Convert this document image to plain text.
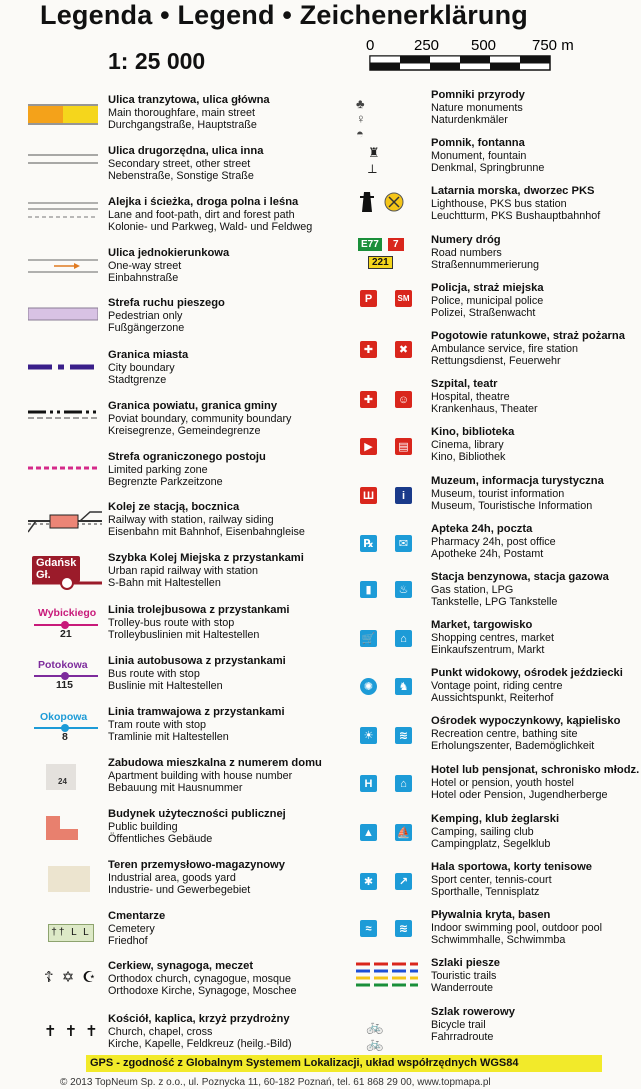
Legenda • Legend • Zeichenerklärung
1: 25 000
0	250 500 750 m
Gdańsk Gł.
Wybickiego
21
Potokowa
115
Okopowa
8
24
†† L L
☦✡☪
✝✝✝
Ulica tranzytowa, ulica główna
Main thoroughfare, main street
Durchgangstraße, Hauptstraße
Ulica drugorzędna, ulica inna
Secondary street, other street
Nebenstraße, Sonstige Straße
Alejka i ścieżka, droga polna i leśna
Lane and foot-path, dirt and forest path
Kolonie- und Parkweg, Wald- und Feldweg
Ulica jednokierunkowa
One-way street
Einbahnstraße
Strefa ruchu pieszego
Pedestrian only
Fußgängerzone
Granica miasta
City boundary
Stadtgrenze
Granica powiatu, granica gminy
Poviat boundary, community boundary
Kreisegrenze, Gemeindegrenze
Strefa ograniczonego postoju
Limited parking zone
Begrenzte Parkzeitzone
Kolej ze stacją, bocznica
Railway with station, railway siding
Eisenbahn mit Bahnhof, Eisenbahngleise
Szybka Kolej Miejska z przystankami
Urban rapid railway with station
S-Bahn mit Haltestellen
Linia trolejbusowa z przystankami
Trolley-bus route with stop
Trolleybuslinien mit Haltestellen
Linia autobusowa z przystankami
Bus route with stop
Buslinie mit Haltestellen
Linia tramwajowa z przystankami
Tram route with stop
Tramlinie mit Haltestellen
Zabudowa mieszkalna z numerem domu
Apartment building with house number
Bebauung mit Hausnummer
Budynek użyteczności publicznej
Public building
Öffentliches Gebäude
Teren przemysłowo-magazynowy
Industrial area, goods yard
Industrie- und Gewerbegebiet
Cmentarze
Cemetery
Friedhof
Cerkiew, synagoga, meczet
Orthodox church, cynagogue, mosque
Orthodoxe Kirche, Synagoge, Moschee
Kościół, kaplica, krzyż przydrożny
Church, chapel, cross
Kirche, Kapelle, Feldkreuz (heilg.-Bild)
♣ ♀ ◓
♜ ⟂
E77	7
221
P	SM
✚	✖
✚	☺
▶	▤
Ш	i
℞	✉
▮	♨
🛒	⌂
✺	♞
☀	≋
H	⌂
▲ ⛵
✱	↗
≈	≋
🚲🚲
Pomniki przyrody
Nature monuments
Naturdenkmäler
Pomnik, fontanna
Monument, fountain
Denkmal, Springbrunne
Latarnia morska, dworzec PKS
Lighthouse, PKS bus station
Leuchtturm, PKS Bushauptbahnhof
Numery dróg
Road numbers
Straßennummerierung
Policja, straż miejska
Police, municipal police
Polizei, Straßenwacht
Pogotowie ratunkowe, straż pożarna
Ambulance service, fire station
Rettungsdienst, Feuerwehr
Szpital, teatr
Hospital, theatre
Krankenhaus, Theater
Kino, biblioteka
Cinema, library
Kino, Bibliothek
Muzeum, informacja turystyczna
Museum, tourist information
Museum, Touristische Information
Apteka 24h, poczta
Pharmacy 24h, post office
Apotheke 24h, Postamt
Stacja benzynowa, stacja gazowa
Gas station, LPG
Tankstelle, LPG Tankstelle
Market, targowisko
Shopping centres, market
Einkaufszentrum, Markt
Punkt widokowy, ośrodek jeździecki
Vontage point, riding centre
Aussichtspunkt, Reiterhof
Ośrodek wypoczynkowy, kąpielisko
Recreation centre, bathing site
Erholungszenter, Bademöglichkeit
Hotel lub pensjonat, schronisko młodz.
Hotel or pension, youth hostel
Hotel oder Pension, Jugendherberge
Kemping, klub żeglarski
Camping, sailing club
Campingplatz, Segelklub
Hala sportowa, korty tenisowe
Sport center, tennis-court
Sporthalle, Tennisplatz
Pływalnia kryta, basen
Indoor swimming pool, outdoor pool
Schwimmhalle, Schwimmba
Szlaki piesze
Touristic trails
Wanderroute
Szlak rowerowy
Bicycle trail
Fahrradroute
GPS - zgodność z Globalnym Systemem Lokalizacji, układ współrzędnych WGS84
© 2013 TopNeum Sp. z o.o., ul. Poznycka 11, 60-182 Poznań, tel. 61 868 29 00, www.topmapa.pl
